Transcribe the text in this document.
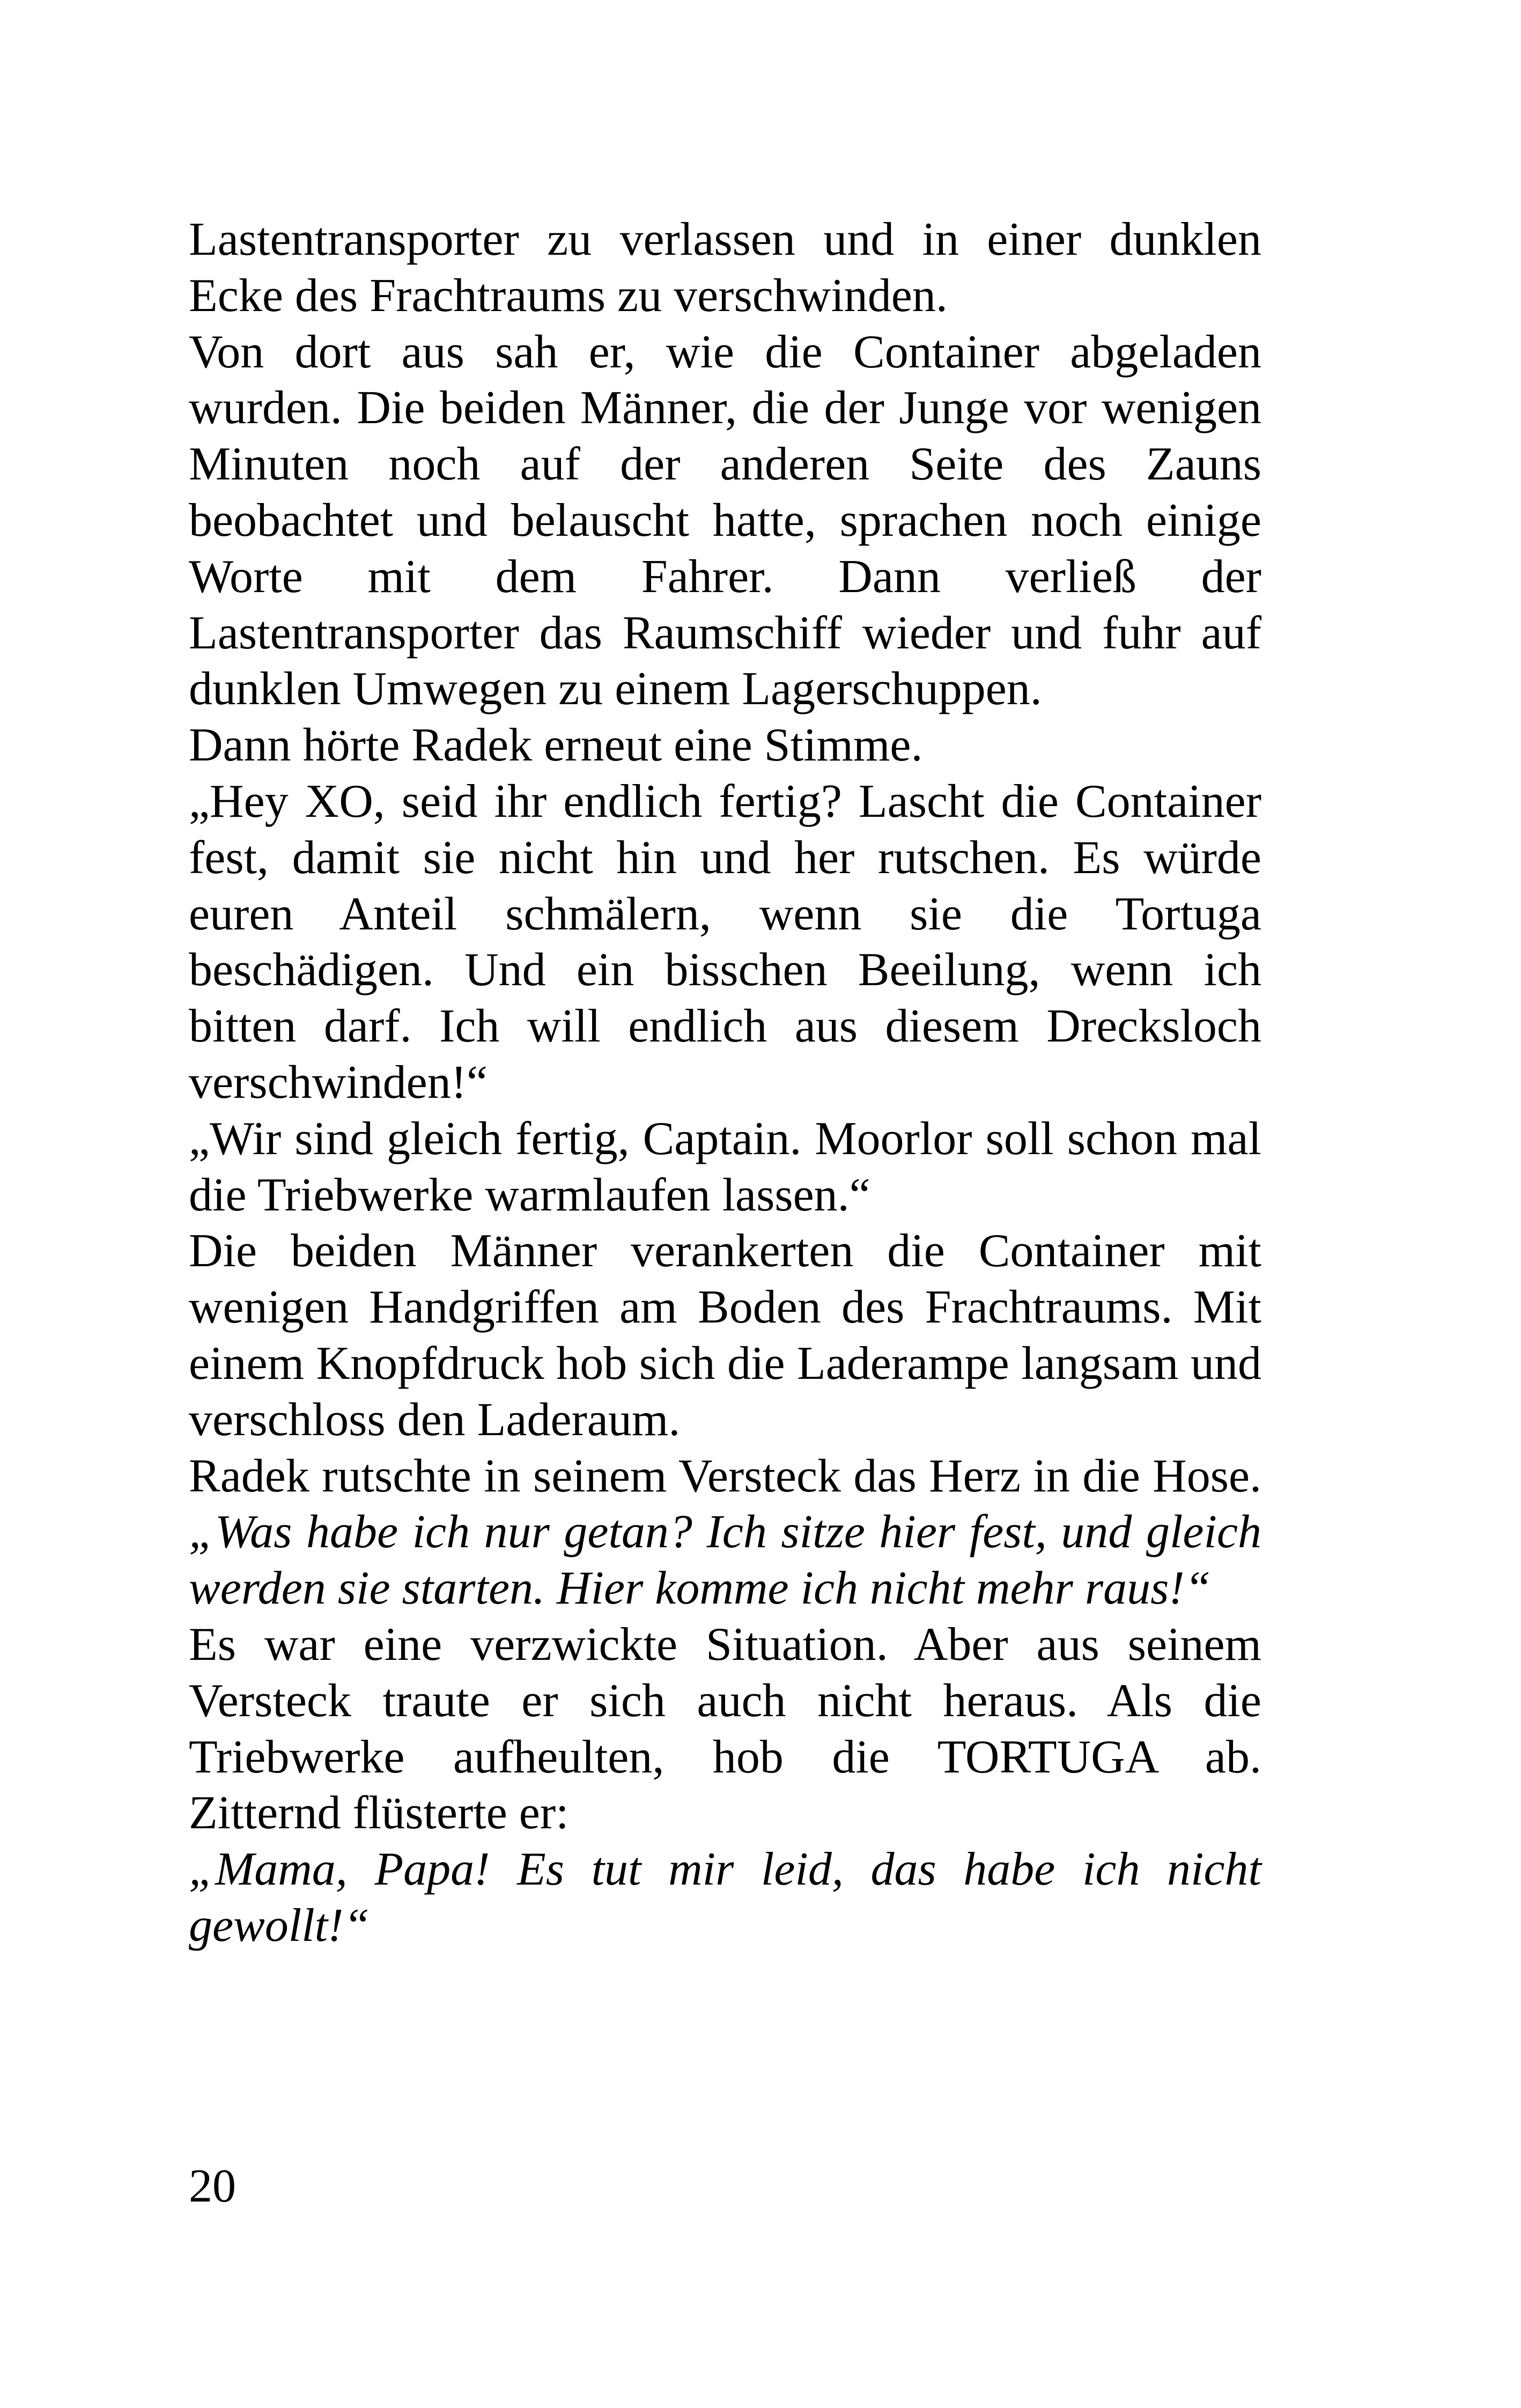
Lastentransporter zu verlassen und in einer dunklen Ecke des Frachtraums zu verschwinden.

Von dort aus sah er, wie die Container abgeladen wurden. Die beiden Männer, die der Junge vor wenigen Minuten noch auf der anderen Seite des Zauns beobachtet und belauscht hatte, sprachen noch einige Worte mit dem Fahrer. Dann verließ der Lastentransporter das Raumschiff wieder und fuhr auf dunklen Umwegen zu einem Lagerschuppen.

Dann hörte Radek erneut eine Stimme.

„Hey XO, seid ihr endlich fertig? Lascht die Container fest, damit sie nicht hin und her rutschen. Es würde euren Anteil schmälern, wenn sie die Tortuga beschädigen. Und ein bisschen Beeilung, wenn ich bitten darf. Ich will endlich aus diesem Drecksloch verschwinden!“

„Wir sind gleich fertig, Captain. Moorlor soll schon mal die Triebwerke warmlaufen lassen.“

Die beiden Männer verankerten die Container mit wenigen Handgriffen am Boden des Frachtraums. Mit einem Knopfdruck hob sich die Laderampe langsam und verschloss den Laderaum.

Radek rutschte in seinem Versteck das Herz in die Hose. „Was habe ich nur getan? Ich sitze hier fest, und gleich werden sie starten. Hier komme ich nicht mehr raus!“

Es war eine verzwickte Situation. Aber aus seinem Versteck traute er sich auch nicht heraus. Als die Triebwerke aufheulten, hob die TORTUGA ab.

Zitternd flüsterte er:

„Mama, Papa! Es tut mir leid, das habe ich nicht gewollt!“

20
